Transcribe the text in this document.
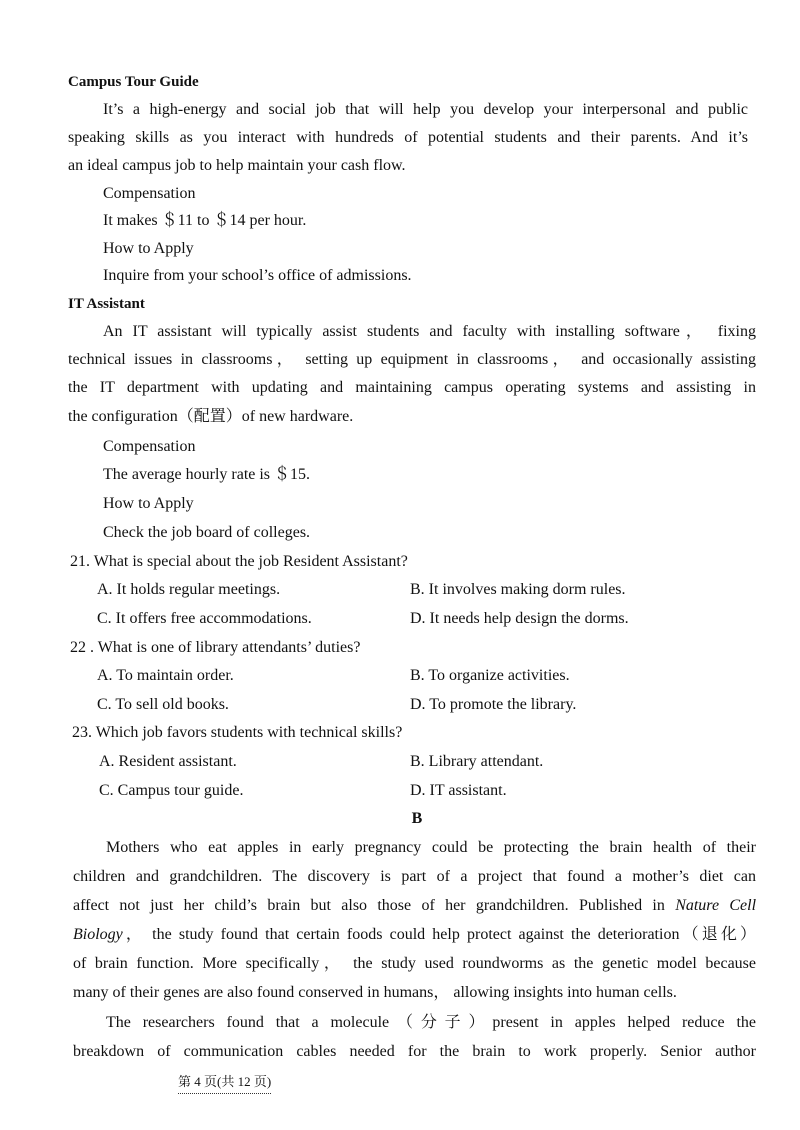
Campus Tour Guide
It’s a high-energy and social job that will help you develop your interpersonal and public
speaking skills as you interact with hundreds of potential students and their parents. And it’s
an ideal campus job to help maintain your cash flow.
Compensation
It makes ＄11 to ＄14 per hour.
How to Apply
Inquire from your school’s office of admissions.
IT Assistant
An IT assistant will typically assist students and faculty with installing software， fixing
technical issues in classrooms， setting up equipment in classrooms， and occasionally assisting
the IT department with updating and maintaining campus operating systems and assisting in
the configuration（配置）of new hardware.
Compensation
The average hourly rate is ＄15.
How to Apply
Check the job board of colleges.
21. What is special about the job Resident Assistant?
A. It holds regular meetings.	B. It involves making dorm rules.
C. It offers free accommodations.	D. It needs help design the dorms.
22 . What is one of library attendants’ duties?
A. To maintain order.	B. To organize activities.
C. To sell old books.	D. To promote the library.
23. Which job favors students with technical skills?
A. Resident assistant.	B. Library attendant.
C. Campus tour guide.	D. IT assistant.
B
Mothers who eat apples in early pregnancy could be protecting the brain health of their
children and grandchildren. The discovery is part of a project that found a mother’s diet can
affect not just her child’s brain but also those of her grandchildren. Published in Nature Cell
Biology， the study found that certain foods could help protect against the deterioration（退化）
of brain function. More specifically， the study used roundworms as the genetic model because
many of their genes are also found conserved in humans， allowing insights into human cells.
The researchers found that a molecule（分子）present in apples helped reduce the
breakdown of communication cables needed for the brain to work properly. Senior author
第 4 页(共 12 页)
